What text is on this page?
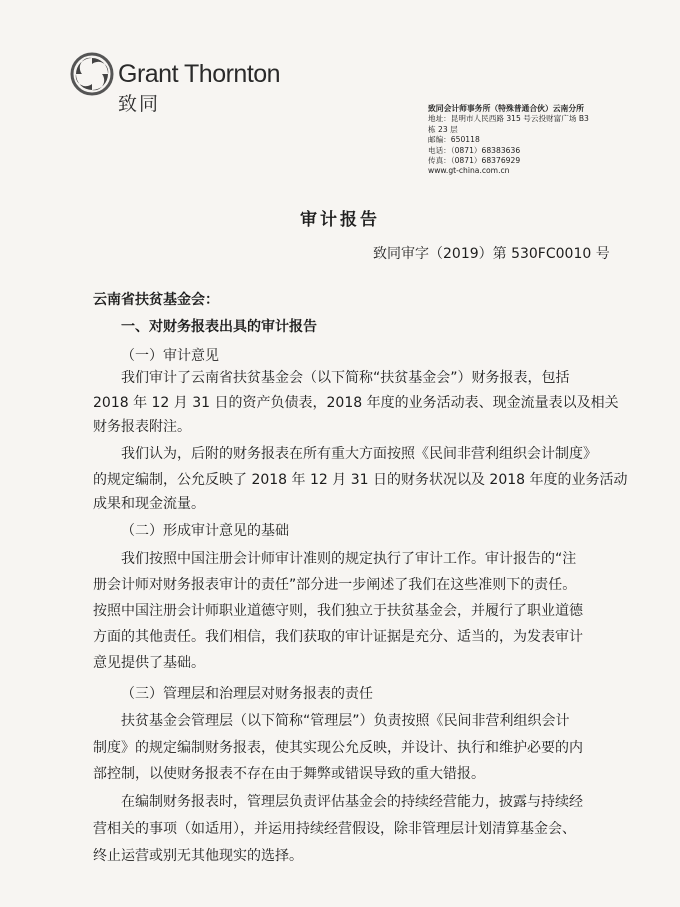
Grant Thornton
致同	致同会计师事务所（特殊普通合伙）云南分所
地址：昆明市人民西路 315 号云投财富广场 B3
栋 23 层
邮编：650118
电话：（0871）68383636
传真：（0871）68376929
www.gt-china.com.cn
审计报告
致同审字（2019）第 530FC0010 号
云南省扶贫基金会：
一、对财务报表出具的审计报告
（一）审计意见
我们审计了云南省扶贫基金会（以下简称“扶贫基金会”）财务报表，包括
2018 年 12 月 31 日的资产负债表，2018 年度的业务活动表、现金流量表以及相关
财务报表附注。
我们认为，后附的财务报表在所有重大方面按照《民间非营利组织会计制度》
的规定编制，公允反映了 2018 年 12 月 31 日的财务状况以及 2018 年度的业务活动
成果和现金流量。
（二）形成审计意见的基础
我们按照中国注册会计师审计准则的规定执行了审计工作。审计报告的“注
册会计师对财务报表审计的责任”部分进一步阐述了我们在这些准则下的责任。
按照中国注册会计师职业道德守则，我们独立于扶贫基金会，并履行了职业道德
方面的其他责任。我们相信，我们获取的审计证据是充分、适当的，为发表审计
意见提供了基础。
（三）管理层和治理层对财务报表的责任
扶贫基金会管理层（以下简称“管理层”）负责按照《民间非营利组织会计
制度》的规定编制财务报表，使其实现公允反映，并设计、执行和维护必要的内
部控制，以使财务报表不存在由于舞弊或错误导致的重大错报。
在编制财务报表时，管理层负责评估基金会的持续经营能力，披露与持续经
营相关的事项（如适用），并运用持续经营假设，除非管理层计划清算基金会、
终止运营或别无其他现实的选择。
